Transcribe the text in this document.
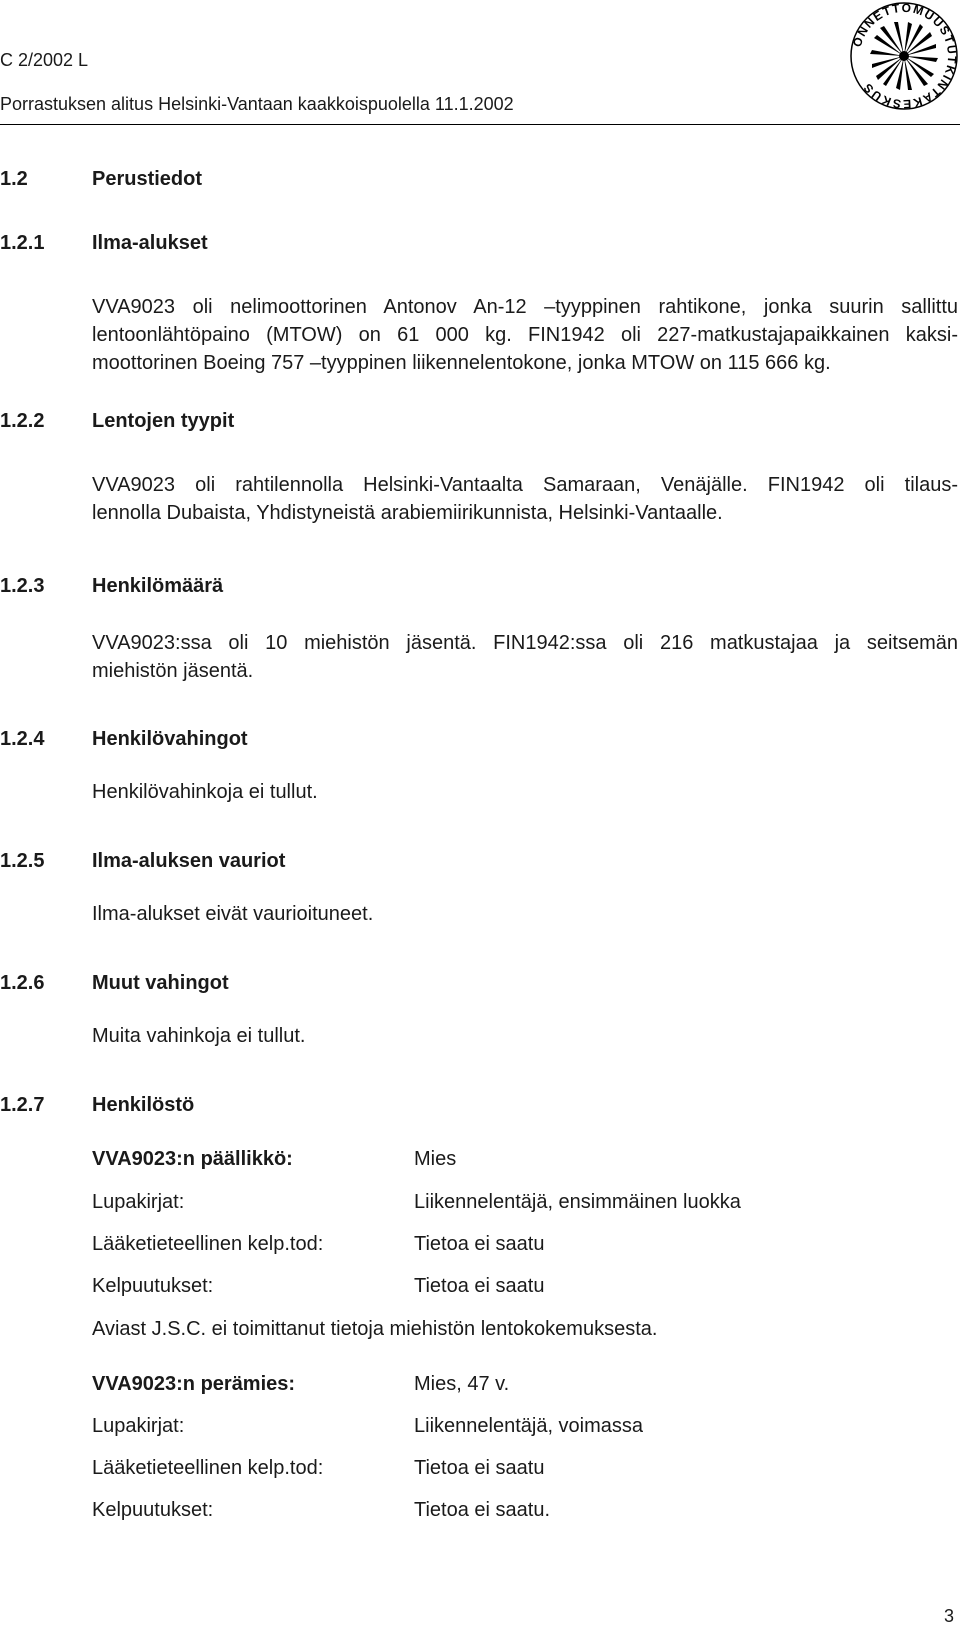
C 2/2002 L
Porrastuksen alitus Helsinki-Vantaan kaakkoispuolella 11.1.2002
ONNETTOMUUSTUTKINTAKESKUS
1.2	Perustiedot
1.2.1 Ilma-alukset
VVA9023 oli nelimoottorinen Antonov An-12 –tyyppinen rahtikone, jonka suurin sallittu
lentoonlähtöpaino (MTOW) on 61 000 kg. FIN1942 oli 227-matkustajapaikkainen kaksi-
moottorinen Boeing 757 –tyyppinen liikennelentokone, jonka MTOW on 115 666 kg.
1.2.2 Lentojen tyypit
VVA9023 oli rahtilennolla Helsinki-Vantaalta Samaraan, Venäjälle. FIN1942 oli tilaus-
lennolla Dubaista, Yhdistyneistä arabiemiirikunnista, Helsinki-Vantaalle.
1.2.3 Henkilömäärä
VVA9023:ssa oli 10 miehistön jäsentä. FIN1942:ssa oli 216 matkustajaa ja seitsemän
miehistön jäsentä.
1.2.4 Henkilövahingot
Henkilövahinkoja ei tullut.
1.2.5 Ilma-aluksen vauriot
Ilma-alukset eivät vaurioituneet.
1.2.6 Muut vahingot
Muita vahinkoja ei tullut.
1.2.7 Henkilöstö
VVA9023:n päällikkö:	Mies
Lupakirjat:	Liikennelentäjä, ensimmäinen luokka
Lääketieteellinen kelp.tod:	Tietoa ei saatu
Kelpuutukset:	Tietoa ei saatu
Aviast J.S.C. ei toimittanut tietoja miehistön lentokokemuksesta.
VVA9023:n perämies:	Mies, 47 v.
Lupakirjat:	Liikennelentäjä, voimassa
Lääketieteellinen kelp.tod:	Tietoa ei saatu
Kelpuutukset:	Tietoa ei saatu.
3
